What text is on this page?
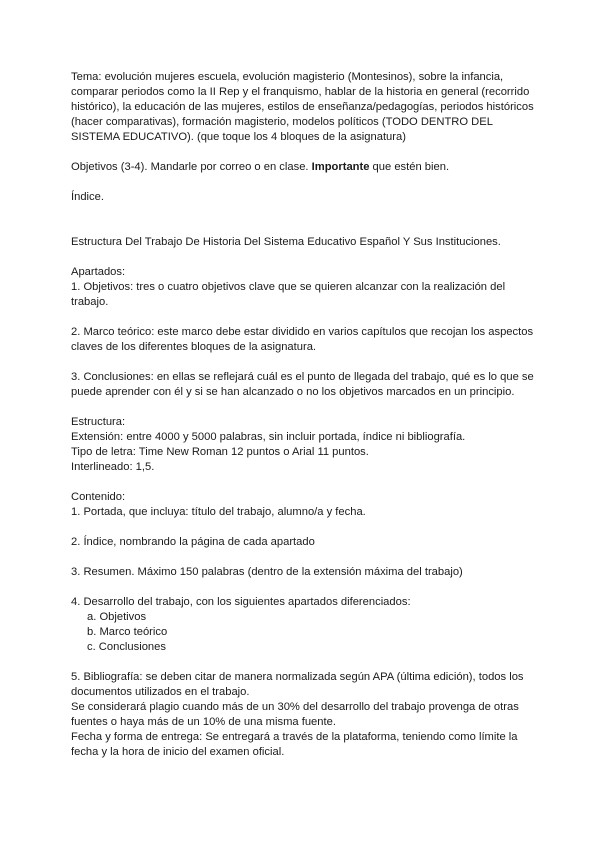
Tema: evolución mujeres escuela, evolución magisterio (Montesinos), sobre la infancia, comparar periodos como la II Rep y el franquismo, hablar de la historia en general (recorrido histórico), la educación de las mujeres, estilos de enseñanza/pedagogías, periodos históricos (hacer comparativas), formación magisterio, modelos políticos (TODO DENTRO DEL SISTEMA EDUCATIVO). (que toque los 4 bloques de la asignatura)

Objetivos (3-4). Mandarle por correo o en clase. Importante que estén bien.

Índice.

Estructura Del Trabajo De Historia Del Sistema Educativo Español Y Sus Instituciones.

Apartados:

1. Objetivos: tres o cuatro objetivos clave que se quieren alcanzar con la realización del trabajo.

2. Marco teórico: este marco debe estar dividido en varios capítulos que recojan los aspectos claves de los diferentes bloques de la asignatura.

3. Conclusiones: en ellas se reflejará cuál es el punto de llegada del trabajo, qué es lo que se puede aprender con él y si se han alcanzado o no los objetivos marcados en un principio.

Estructura:

Extensión: entre 4000 y 5000 palabras, sin incluir portada, índice ni bibliografía.

Tipo de letra: Time New Roman 12 puntos o Arial 11 puntos.

Interlineado: 1,5.

Contenido:

1. Portada, que incluya: título del trabajo, alumno/a y fecha.

2. Índice, nombrando la página de cada apartado

3. Resumen. Máximo 150 palabras (dentro de la extensión máxima del trabajo)

4. Desarrollo del trabajo, con los siguientes apartados diferenciados:

a. Objetivos
b. Marco teórico
c. Conclusiones

5. Bibliografía: se deben citar de manera normalizada según APA (última edición), todos los documentos utilizados en el trabajo.

Se considerará plagio cuando más de un 30% del desarrollo del trabajo provenga de otras fuentes o haya más de un 10% de una misma fuente.

Fecha y forma de entrega: Se entregará a través de la plataforma, teniendo como límite la fecha y la hora de inicio del examen oficial.
